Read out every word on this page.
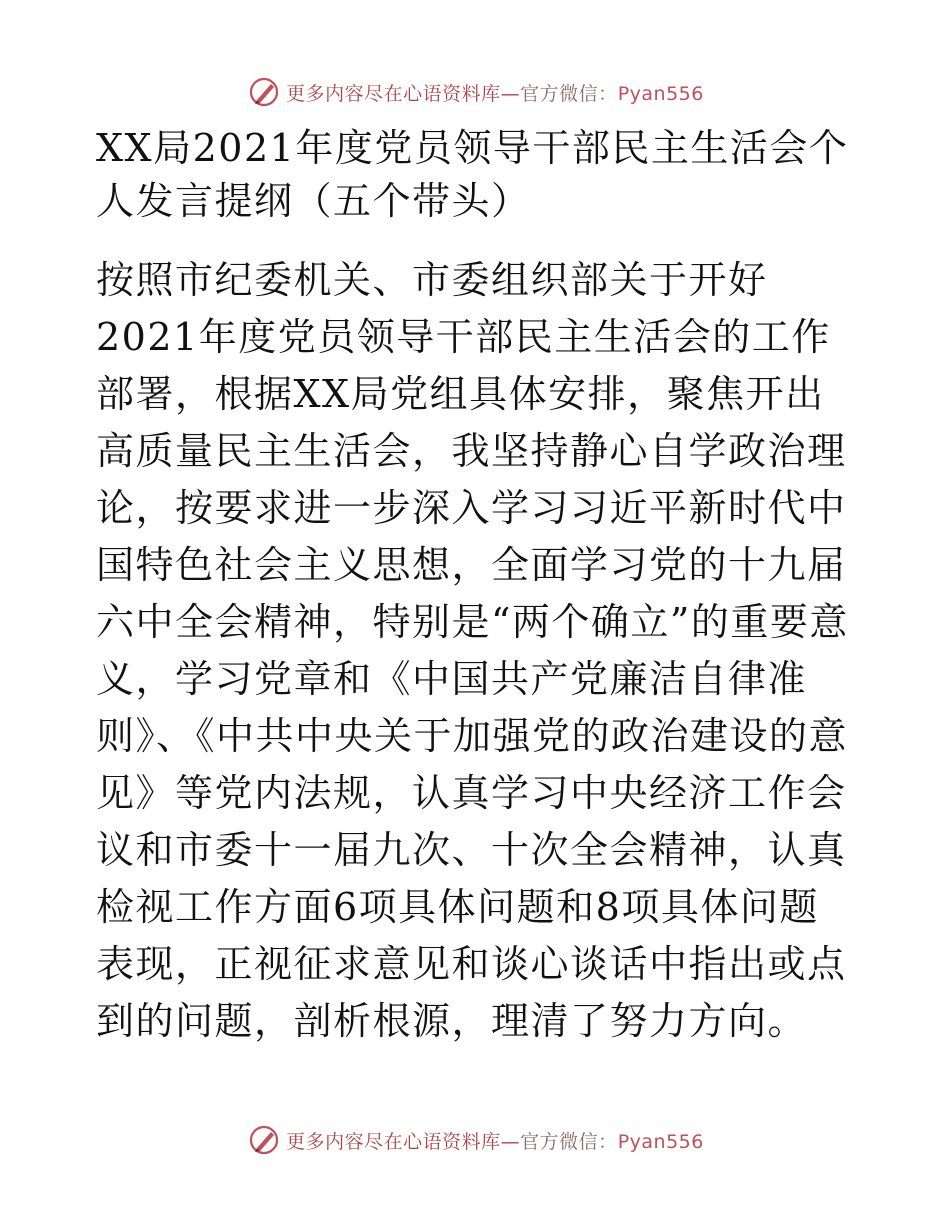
更多内容尽在心语资料库—官方微信：Pyan556
XX局2021年度党员领导干部民主生活会个人发言提纲（五个带头）

按照市纪委机关、市委组织部关于开好2021年度党员领导干部民主生活会的工作部署，根据XX局党组具体安排，聚焦开出高质量民主生活会，我坚持静心自学政治理论，按要求进一步深入学习习近平新时代中国特色社会主义思想，全面学习党的十九届六中全会精神，特别是“两个确立”的重要意义，学习党章和《中国共产党廉洁自律准则》、《中共中央关于加强党的政治建设的意见》等党内法规，认真学习中央经济工作会议和市委十一届九次、十次全会精神，认真检视工作方面6项具体问题和8项具体问题表现，正视征求意见和谈心谈话中指出或点到的问题，剖析根源，理清了努力方向。

更多内容尽在心语资料库—官方微信：Pyan556
